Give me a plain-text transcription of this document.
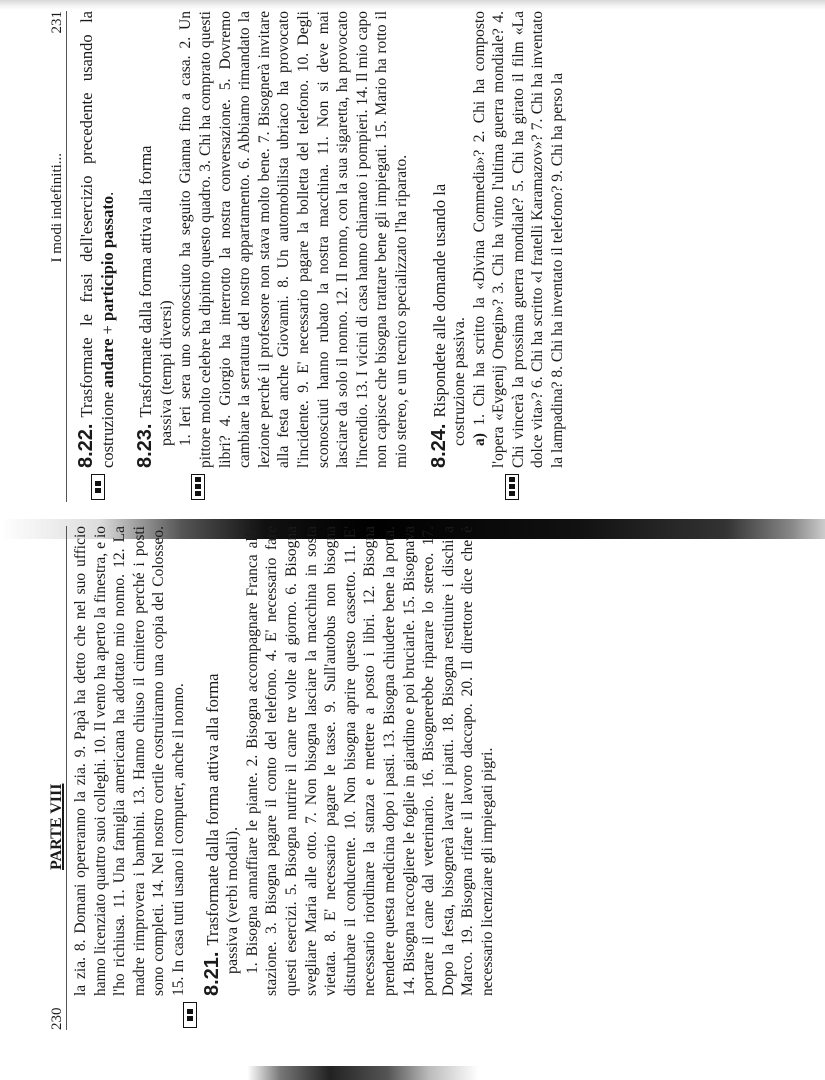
230
PARTE VIII la zia. 8. Domani opereranno la zia. 9. Papà ha detto che nel suo ufficio hanno licenziato quattro suoi colleghi. 10. Il vento ha aperto la finestra, e io l'ho richiusa. 11. Una famiglia americana ha adottato mio nonno. 12. La madre rimprovera i bambini. 13. Hanno chiuso il cimitero perché i posti sono completi. 14. Nel nostro cortile costruiranno una copia del Colosseo. 15. In casa tutti usano il computer, anche il nonno. 8.21.Trasformate dalla forma attiva alla forma passiva (verbi modali). 1. Bisogna annaffiare le piante. 2. Bisogna accompagnare Franca alla stazione. 3. Bisogna pagare il conto del telefono. 4. E' necessario fare questi esercizi. 5. Bisogna nutrire il cane tre volte al giorno. 6. Bisogna svegliare Maria alle otto. 7. Non bisogna lasciare la macchina in sosta vietata. 8. E' necessario pagare le tasse. 9. Sull'autobus non bisogna disturbare il conducente. 10. Non bisogna aprire questo cassetto. 11. E' necessario riordinare la stanza e mettere a posto i libri. 12. Bisogna prendere questa medicina dopo i pasti. 13. Bisogna chiudere bene la porta. 14. Bisogna raccogliere le foglie in giardino e poi bruciarle. 15. Bisognava portare il cane dal veterinario. 16. Bisognerebbe riparare lo stereo. 17. Dopo la festa, bisognerà lavare i piatti. 18. Bisogna restituire i dischi a Marco. 19. Bisogna rifare il lavoro daccapo. 20. Il direttore dice che è necessario licenziare gli impiegati pigri.

I modi indefiniti...
231

8.22.Trasformate le frasi dell'esercizio precedente usando la costruzione andare + participio passato.

8.23.Trasformate dalla forma attiva alla forma passiva (tempi diversi) 1. Ieri sera uno sconosciuto ha seguito Gianna fino a casa. 2. Un pittore molto celebre ha dipinto questo quadro. 3. Chi ha comprato questi libri? 4. Giorgio ha interrotto la nostra conversazione. 5. Dovremo cambiare la serratura del nostro appartamento. 6. Abbiamo rimandato la lezione perché il professore non stava molto bene. 7. Bisognerà invitare alla festa anche Giovanni. 8. Un automobilista ubriaco ha provocato l'incidente. 9. E' necessario pagare la bolletta del telefono. 10. Degli sconosciuti hanno rubato la nostra macchina. 11. Non si deve mai lasciare da solo il nonno. 12. Il nonno, con la sua sigaretta, ha provocato l'incendio. 13. I vicini di casa hanno chiamato i pompieri. 14. Il mio capo non capisce che bisogna trattare bene gli impiegati. 15. Mario ha rotto il mio stereo, e un tecnico specializzato l'ha riparato. 8.24.Rispondete alle domande usando la costruzione passiva. a) 1. Chi ha scritto la «Divina Commedia»? 2. Chi ha composto l'opera «Evgenij Onegin»? 3. Chi ha vinto l'ultima guerra mondiale? 4. Chi vincerà la prossima guerra mondiale? 5. Chi ha girato il film «La dolce vita»? 6. Chi ha scritto «I fratelli Karamazov»? 7. Chi ha inventato la lampadina? 8. Chi ha inventato il telefono? 9. Chi ha perso la
